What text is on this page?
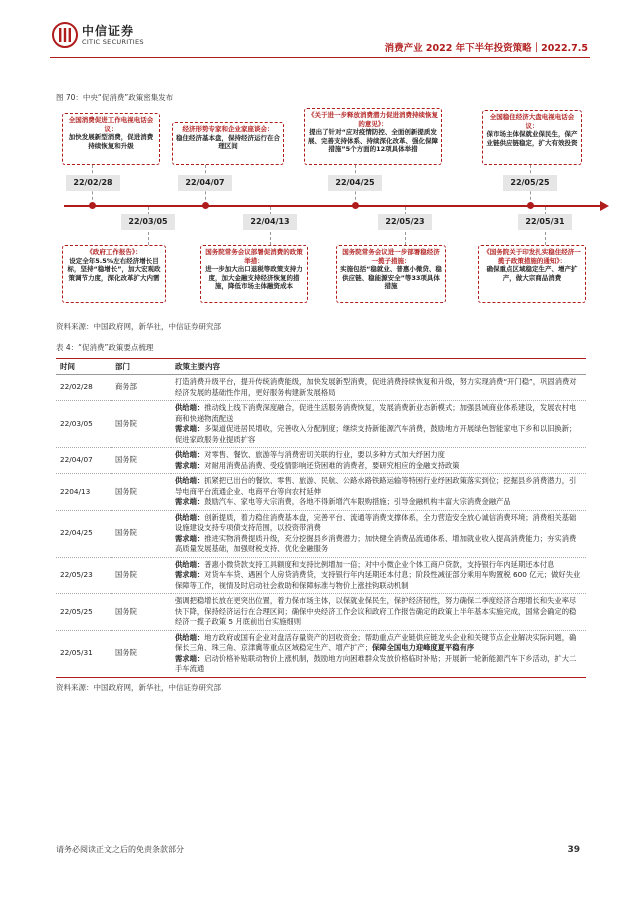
中信证券
CITIC SECURITIES
消费产业 2022 年下半年投资策略｜2022.7.5
图 70：中央“促消费”政策密集发布
22/02/28	22/04/07	22/04/25	22/05/25
22/03/05	22/04/13	22/05/23	22/05/31
全国消费促进工作电视电话会议：
加快发展新型消费，促进消费持续恢复和升级
经济形势专家和企业家座谈会：
稳住经济基本盘，保持经济运行在合理区间
《关于进一步释放消费潜力促进消费持续恢复的意见》：
提出了针对“应对疫情防控、全面创新提质发展、完善支持体系、持续深化改革、强化保障措施”5个方面的12项具体举措
全国稳住经济大盘电视电话会议：
保市场主体保就业保民生，保产业链供应链稳定，扩大有效投资
《政府工作报告》：
设定全年5.5%左右经济增长目标，坚持“稳增长”，加大宏观政策调节力度，深化改革扩大内需
国务院常务会议部署促消费的政策举措：
进一步加大出口退税等政策支持力度，加大金融支持经济恢复的措施，降低市场主体融资成本
国务院常务会议进一步部署稳经济一揽子措施：
实施包括“稳就业、普惠小微贷、稳供应链、稳能源安全”等33项具体措施
《国务院关于印发扎实稳住经济一揽子政策措施的通知》：
确保重点区域稳定生产、增产扩产，做大宗商品消费
资料来源：中国政府网，新华社，中信证券研究部
表 4：“促消费”政策要点梳理
时间	部门	政策主要内容
22/02/28	商务部	打造消费升级平台，提升传统消费能级，加快发展新型消费，促进消费持续恢复和升级，努力实现消费“开门稳”，巩固消费对经济发展的基础性作用，更好服务构建新发展格局

22/03/05	国务院	供给端：推动线上线下消费深度融合，促进生活服务消费恢复，发展消费新业态新模式；加强县域商业体系建设，发展农村电商和快递物流配送
需求端：多渠道促进居民增收，完善收入分配制度；继续支持新能源汽车消费，鼓励地方开展绿色智能家电下乡和以旧换新；促进家政服务业提质扩容

22/04/07	国务院	供给端：对零售、餐饮、旅游等与消费密切关联的行业，要以多种方式加大纾困力度
需求端：对耐用消费品消费、受疫情影响还贷困难的消费者，要研究相应的金融支持政策

2204/13	国务院	供给端：抓紧把已出台的餐饮、零售、旅游、民航、公路水路铁路运输等特困行业纾困政策落实到位；挖掘县乡消费潜力，引导电商平台流通企业、电商平台等向农村延伸
需求端：鼓励汽车、家电等大宗消费，各地不得新增汽车限购措施；引导金融机构丰富大宗消费金融产品

22/04/25	国务院	供给端：创新提质，着力稳住消费基本盘，完善平台、流通等消费支撑体系，全力营造安全放心诚信消费环境；消费相关基础设施建设支持专项债支持范围，以投资带消费
需求端：推进实物消费提质升级，充分挖掘县乡消费潜力；加快健全消费品流通体系、增加就业收入提高消费能力；夯实消费高质量发展基础，加强财税支持、优化金融服务

22/05/23	国务院	供给端：普惠小微贷款支持工具额度和支持比例增加一倍；对中小微企业个体工商户贷款，支持银行年内延期还本付息
需求端：对货车车贷、遇困个人房贷消费贷，支持银行年内延期还本付息；阶段性减征部分乘用车购置税 600 亿元；做好失业保障等工作，视情及时启动社会救助和保障标准与物价上涨挂钩联动机制

22/05/25	国务院	强调把稳增长放在更突出位置，着力保市场主体，以保就业保民生，保护经济韧性，努力确保二季度经济合理增长和失业率尽快下降，保持经济运行在合理区间；确保中央经济工作会议和政府工作报告确定的政策上半年基本实施完成，国常会确定的稳经济一揽子政策 5 月底前出台实施细则

22/05/31	国务院	供给端：地方政府或国有企业对盘活存量资产的回收资金；帮助重点产业链供应链龙头企业和关键节点企业解决实际问题，确保长三角、珠三角、京津冀等重点区域稳定生产、增产扩产；保障全国电力迎峰度夏平稳有序
需求端：启动价格补贴联动物价上涨机制，鼓励地方向困难群众发放价格临时补贴；开展新一轮新能源汽车下乡活动，扩大二手车流通
资料来源：中国政府网，新华社，中信证券研究部
请务必阅读正文之后的免责条款部分	39
